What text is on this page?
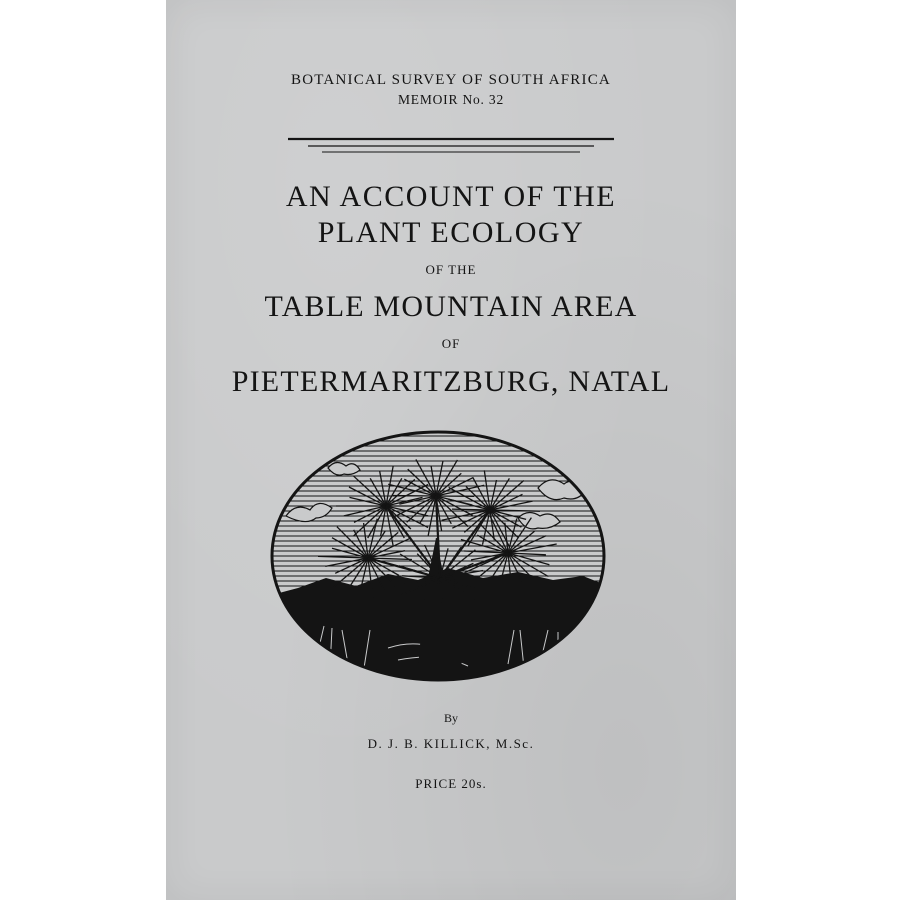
BOTANICAL SURVEY OF SOUTH AFRICA
MEMOIR No. 32
AN ACCOUNT OF THE
PLANT ECOLOGY
OF THE
TABLE MOUNTAIN AREA
OF
PIETERMARITZBURG, NATAL
By
D. J. B. KILLICK, M.Sc.
PRICE 20s.
